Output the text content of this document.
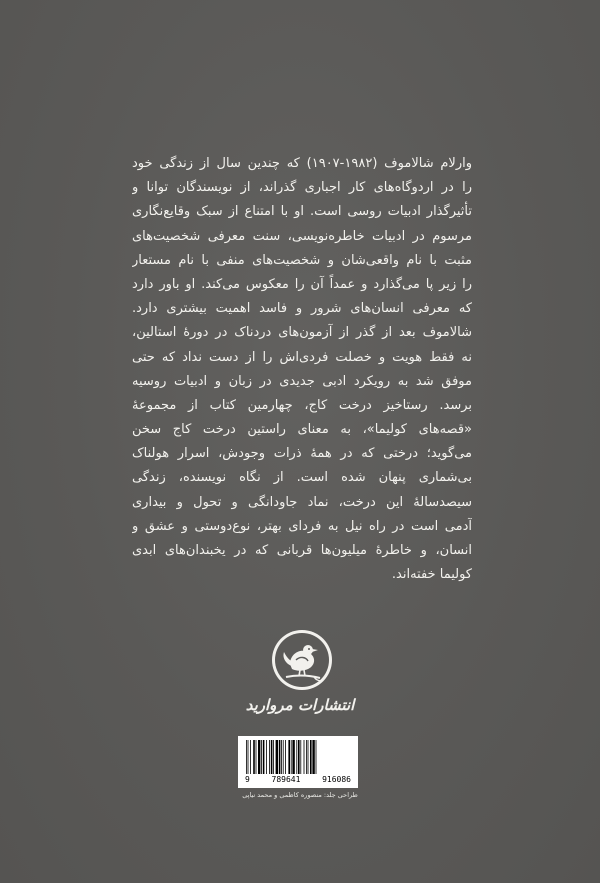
وارلام شالاموف (۱۹۸۲-۱۹۰۷) که چندین سال از زندگی خود
را در اردوگاه‌های کار اجباری گذراند، از نویسندگان توانا و
تأثیرگذار ادبیات روسی است. او با امتناع از سبک وقایع‌نگاری
مرسوم در ادبیات خاطره‌نویسی، سنت معرفی شخصیت‌های
مثبت با نام واقعی‌شان و شخصیت‌های منفی با نام مستعار
را زیر پا می‌گذارد و عمداً آن را معکوس می‌کند. او باور دارد
که معرفی انسان‌های شرور و فاسد اهمیت بیشتری دارد.
شالاموف بعد از گذر از آزمون‌های دردناک در دورهٔ استالین،
نه فقط هویت و خصلت فردی‌اش را از دست نداد که حتی
موفق شد به رویکرد ادبی جدیدی در زبان و ادبیات روسیه
برسد. رستاخیز درخت کاج، چهارمین کتاب از مجموعهٔ
«قصه‌های کولیما»، به معنای راستین درخت کاج سخن
می‌گوید؛ درختی که در همهٔ ذرات وجودش، اسرار هولناک
بی‌شماری پنهان شده است. از نگاه نویسنده، زندگی
سیصدسالهٔ این درخت، نماد جاودانگی و تحول و بیداری
آدمی است در راه نیل به فردای بهتر، نوع‌دوستی و عشق و
انسان، و خاطرهٔ میلیون‌ها قربانی که در یخبندان‌های ابدی
کولیما خفته‌اند.
انتشارات مروارید
9	789641	916086
طراحی جلد: منصوره کاظمی و محمد نیاپی
